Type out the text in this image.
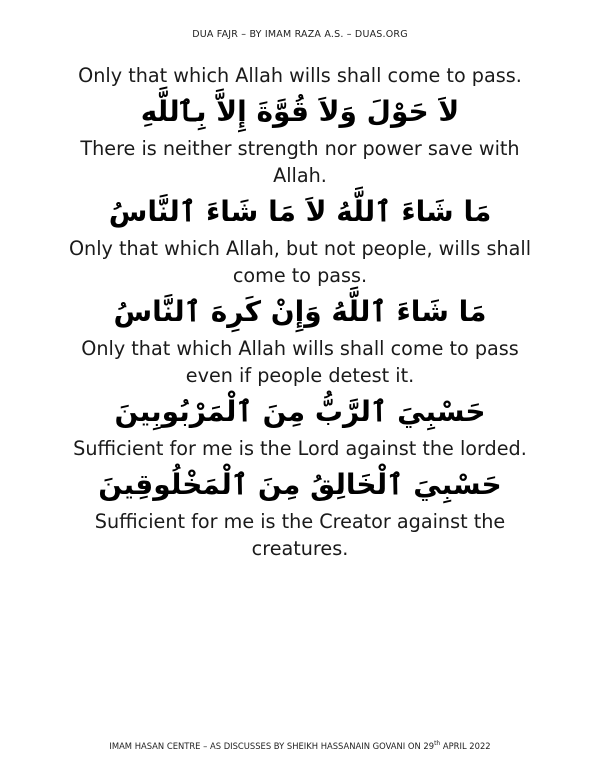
DUA FAJR – BY IMAM RAZA A.S. – DUAS.ORG

Only that which Allah wills shall come to pass.

لاَ حَوْلَ وَلاَ قُوَّةَ إِلاَّ بِٱللَّهِ

There is neither strength nor power save with Allah.

مَا شَاءَ ٱللَّهُ لاَ مَا شَاءَ ٱلنَّاسُ

Only that which Allah, but not people, wills shall come to pass.

مَا شَاءَ ٱللَّهُ وَإِنْ كَرِهَ ٱلنَّاسُ

Only that which Allah wills shall come to pass even if people detest it.

حَسْبِيَ ٱلرَّبُّ مِنَ ٱلْمَرْبُوبِينَ

Sufficient for me is the Lord against the lorded.

حَسْبِيَ ٱلْخَالِقُ مِنَ ٱلْمَخْلُوقِينَ

Sufficient for me is the Creator against the creatures.

IMAM HASAN CENTRE – AS DISCUSSES BY SHEIKH HASSANAIN GOVANI ON 29th APRIL 2022
